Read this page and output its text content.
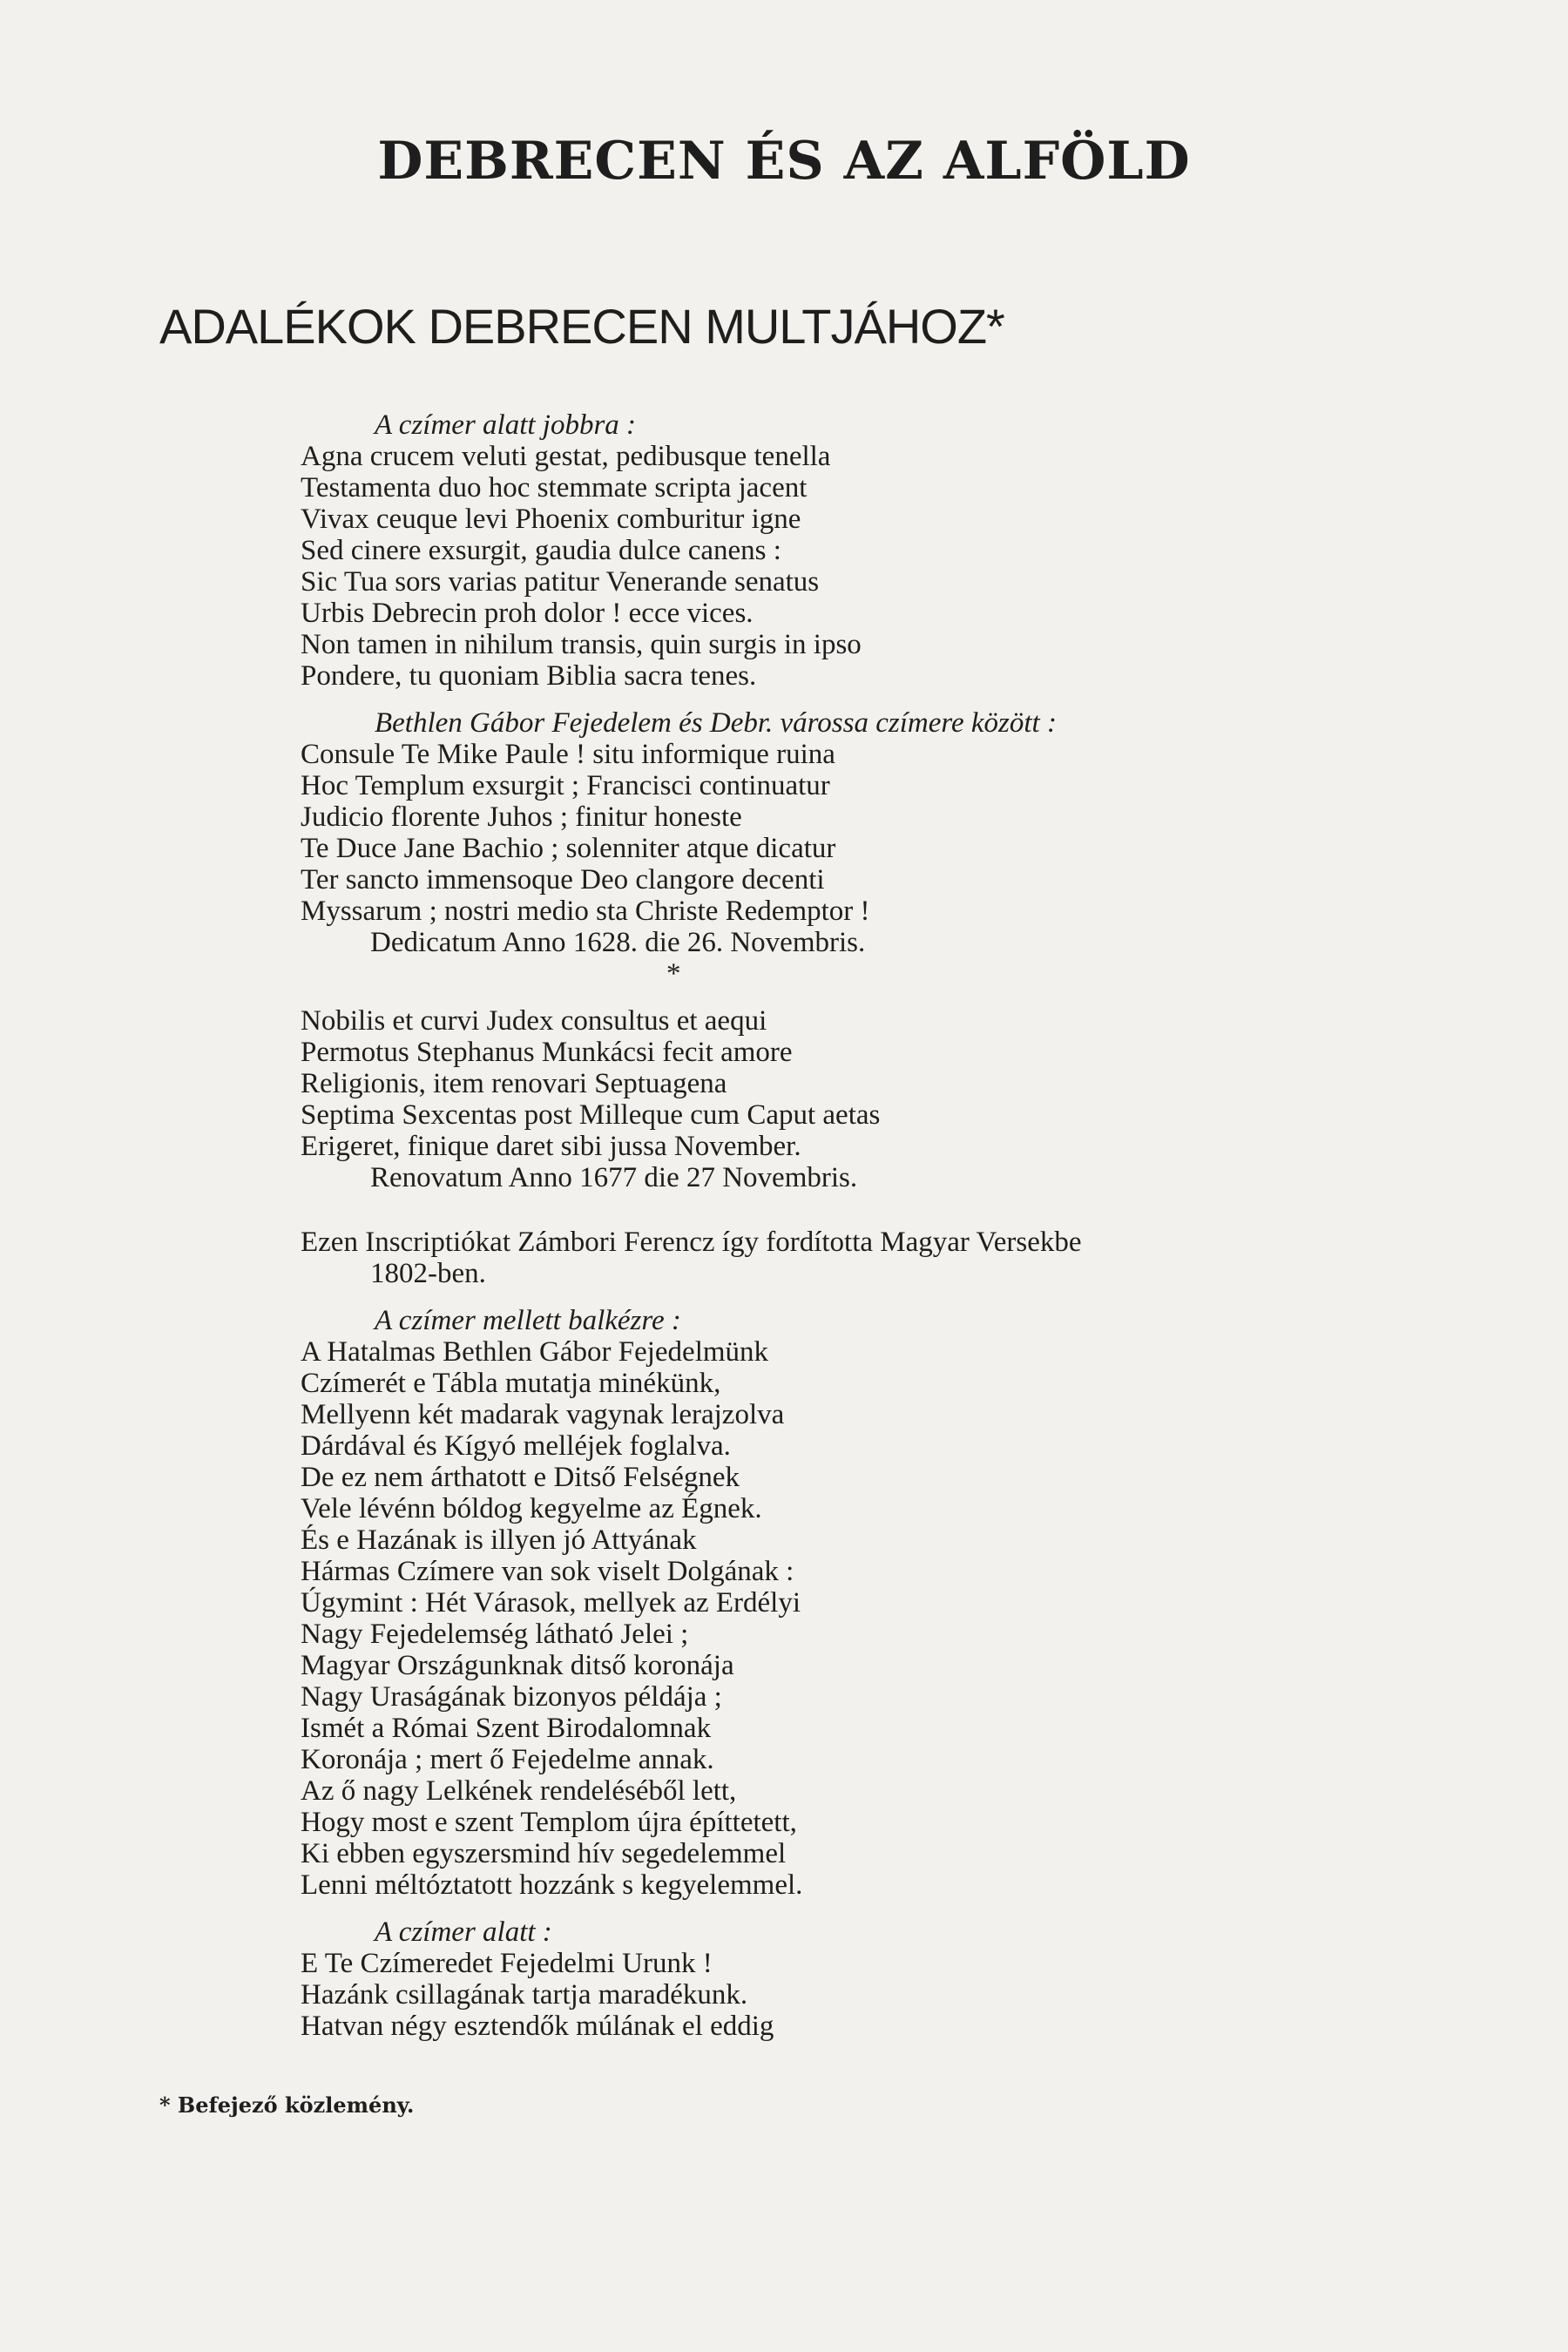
DEBRECEN ÉS AZ ALFÖLD
ADALÉKOK DEBRECEN MULTJÁHOZ*
A czímer alatt jobbra :
Agna crucem veluti gestat, pedibusque tenella
Testamenta duo hoc stemmate scripta jacent
Vivax ceuque levi Phoenix comburitur igne
Sed cinere exsurgit, gaudia dulce canens :
Sic Tua sors varias patitur Venerande senatus
Urbis Debrecin proh dolor ! ecce vices.
Non tamen in nihilum transis, quin surgis in ipso
Pondere, tu quoniam Biblia sacra tenes.
Bethlen Gábor Fejedelem és Debr. várossa czímere között :
Consule Te Mike Paule ! situ informique ruina
Hoc Templum exsurgit ; Francisci continuatur
Judicio florente Juhos ; finitur honeste
Te Duce Jane Bachio ; solenniter atque dicatur
Ter sancto immensoque Deo clangore decenti
Myssarum ; nostri medio sta Christe Redemptor !
Dedicatum Anno 1628. die 26. Novembris.
*
Nobilis et curvi Judex consultus et aequi
Permotus Stephanus Munkácsi fecit amore
Religionis, item renovari Septuagena
Septima Sexcentas post Milleque cum Caput aetas
Erigeret, finique daret sibi jussa November.
Renovatum Anno 1677 die 27 Novembris.
Ezen Inscriptiókat Zámbori Ferencz így fordította Magyar Versekbe
1802-ben.
A czímer mellett balkézre :
A Hatalmas Bethlen Gábor Fejedelmünk
Czímerét e Tábla mutatja minékünk,
Mellyenn két madarak vagynak lerajzolva
Dárdával és Kígyó melléjek foglalva.
De ez nem árthatott e Ditső Felségnek
Vele lévénn bóldog kegyelme az Égnek.
És e Hazának is illyen jó Attyának
Hármas Czímere van sok viselt Dolgának :
Úgymint : Hét Várasok, mellyek az Erdélyi
Nagy Fejedelemség látható Jelei ;
Magyar Országunknak ditső koronája
Nagy Uraságának bizonyos példája ;
Ismét a Római Szent Birodalomnak
Koronája ; mert ő Fejedelme annak.
Az ő nagy Lelkének rendeléséből lett,
Hogy most e szent Templom újra építtetett,
Ki ebben egyszersmind hív segedelemmel
Lenni méltóztatott hozzánk s kegyelemmel.
A czímer alatt :
E Te Czímeredet Fejedelmi Urunk !
Hazánk csillagának tartja maradékunk.
Hatvan négy esztendők múlának el eddig
* Befejező közlemény.
